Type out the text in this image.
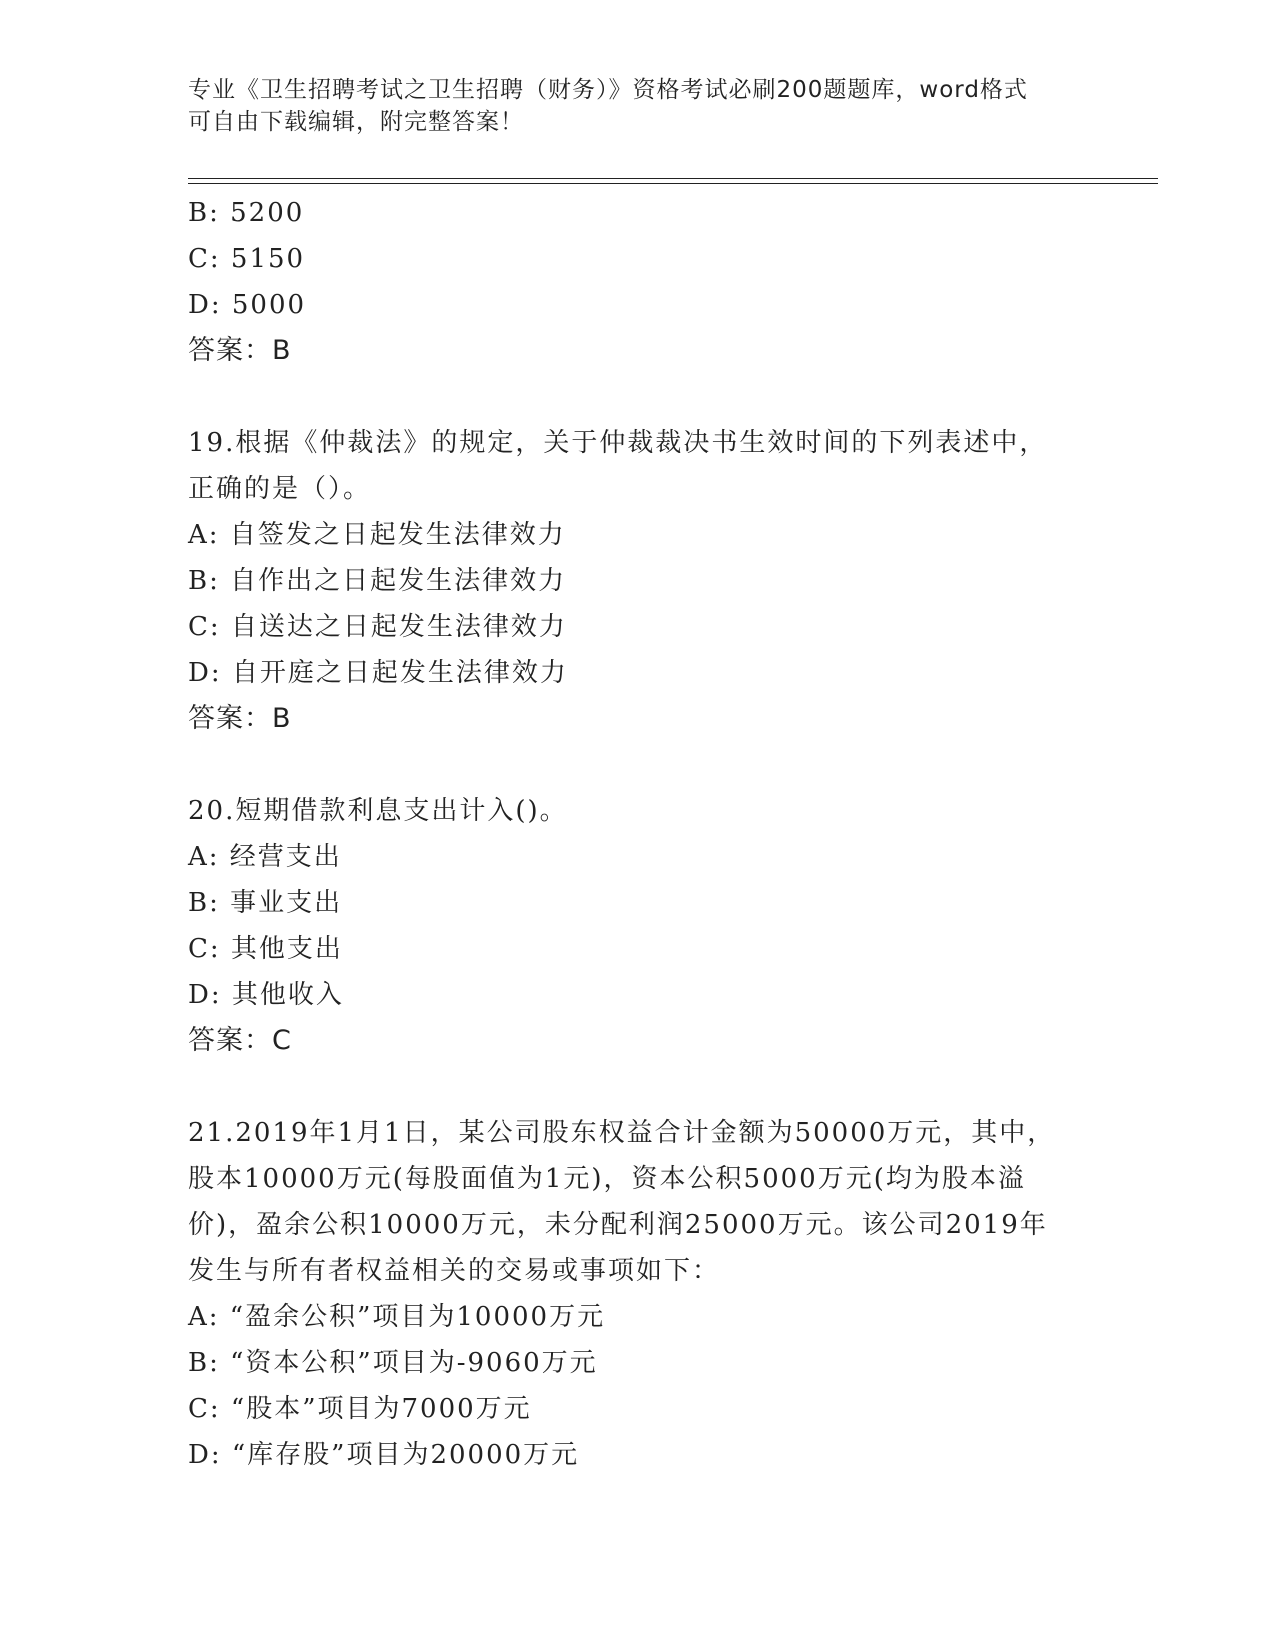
专业《卫生招聘考试之卫生招聘（财务）》资格考试必刷200题题库，word格式
可自由下载编辑，附完整答案！
B: 5200
C: 5150
D: 5000
答案：B
19.根据《仲裁法》的规定，关于仲裁裁决书生效时间的下列表述中，
正确的是（）。
A: 自签发之日起发生法律效力
B: 自作出之日起发生法律效力
C: 自送达之日起发生法律效力
D: 自开庭之日起发生法律效力
答案：B
20.短期借款利息支出计入()。
A: 经营支出
B: 事业支出
C: 其他支出
D: 其他收入
答案：C
21.2019年1月1日，某公司股东权益合计金额为50000万元，其中，
股本10000万元(每股面值为1元)，资本公积5000万元(均为股本溢
价)，盈余公积10000万元，未分配利润25000万元。该公司2019年
发生与所有者权益相关的交易或事项如下：
A: “盈余公积”项目为10000万元
B: “资本公积”项目为-9060万元
C: “股本”项目为7000万元
D: “库存股”项目为20000万元
